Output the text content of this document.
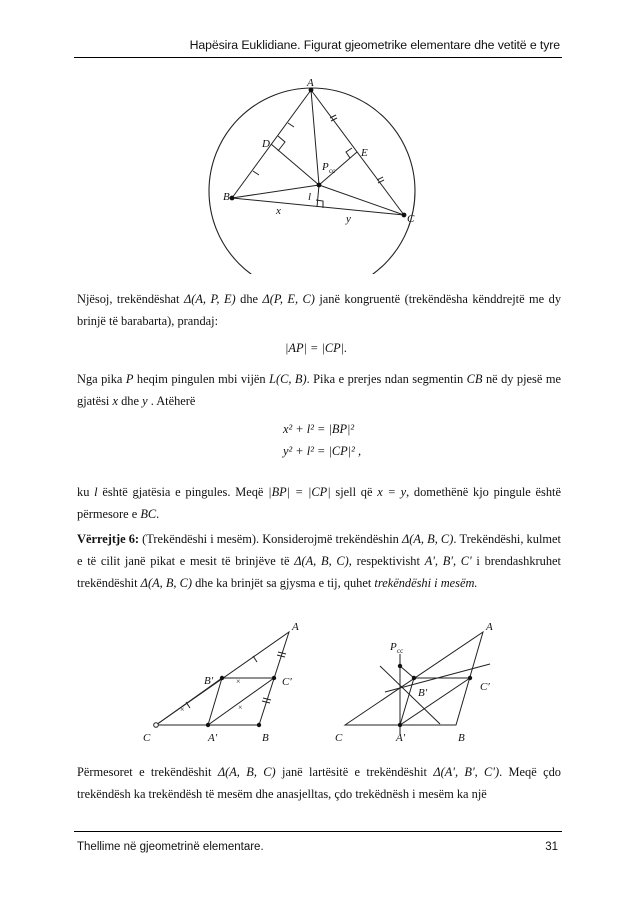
Hapësira Euklidiane. Figurat gjeometrike elementare dhe vetitë e tyre
A
B
C
D
E
P cc
l
x
y
Njësoj, trekëndëshat Δ(A, P, E) dhe Δ(P, E, C) janë kongruentë (trekëndësha kënddrejtë me dy brinjë të barabarta), prandaj:
|AP| = |CP|.
Nga pika P heqim pingulen mbi vijën L(C, B). Pika e prerjes ndan segmentin CB në dy pjesë me gjatësi x dhe y . Atëherë
x² + l² = |BP|²
y² + l² = |CP|² ,
ku l është gjatësia e pingules. Meqë |BP| = |CP| sjell që x = y, domethënë kjo pingule është përmesore e BC.
Vërrejtje 6: (Trekëndëshi i mesëm). Konsiderojmë trekëndëshin Δ(A, B, C). Trekëndëshi, kulmet e të cilit janë pikat e mesit të brinjëve të Δ(A, B, C), respektivisht A', B', C' i brendashkruhet trekëndëshit Δ(A, B, C) dhe ka brinjët sa gjysma e tij, quhet trekëndëshi i mesëm.
×
×	×
A
B
C	A′
B′	C′
P cc
A
B
C	A′
B′	C′
Përmesoret e trekëndëshit Δ(A, B, C) janë lartësitë e trekëndëshit Δ(A', B', C'). Meqë çdo trekëndësh ka trekëndësh të mesëm dhe anasjelltas, çdo trekëdnësh i mesëm ka një
Thellime në gjeometrinë elementare.	31
